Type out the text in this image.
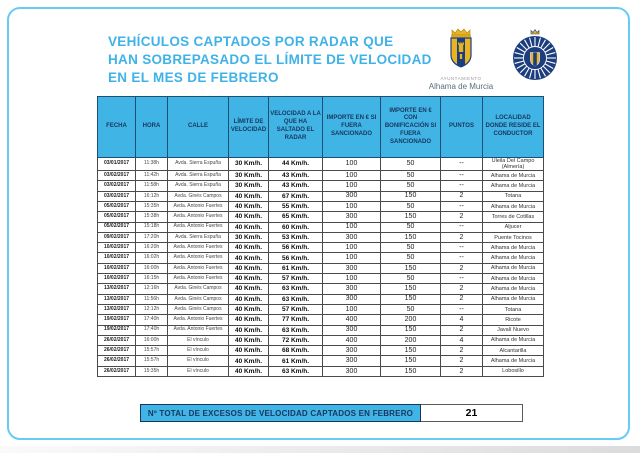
VEHÍCULOS CAPTADOS POR RADAR QUE
HAN SOBREPASADO EL LÍMITE DE VELOCIDAD
EN EL MES DE FEBRERO	AYUNTAMIENTO
Alhama de Murcia
FECHA	HORA	CALLE	LÍMITE DE VELOCIDAD	VELOCIDAD A LA QUE HA SALTADO EL RADAR	IMPORTE EN € SI FUERA SANCIONADO	IMPORTE EN € CON BONIFICACIÓN SI FUERA SANCIONADO	PUNTOS	LOCALIDAD DONDE RESIDE EL CONDUCTOR
03/01/2017	11:38h	Avda. Sierra Espuña	30 Km/h.	44 Km/h.	100	50	--	Uleila Del Campo (Almería)
03/02/2017	11:42h	Avda. Sierra Espuña	30 Km/h.	43 Km/h.	100	50	--	Alhama de Murcia
03/02/2017	11:58h	Avda. Sierra Espuña	30 Km/h.	43 Km/h.	100	50	--	Alhama de Murcia
03/02/2017	16:12h	Avda. Ginés Campos	40 Km/h.	67 Km/h.	300	150	2	Totana
05/02/2017	15:35h	Avda. Antonio Fuertes	40 Km/h.	55 Km/h.	100	50	--	Alhama de Murcia
05/02/2017	15:38h	Avda. Antonio Fuertes	40 Km/h.	65 Km/h.	300	150	2	Torres de Cotillas
05/02/2017	15:18h	Avda. Antonio Fuertes	40 Km/h.	60 Km/h.	100	50	--	Aljucer
09/02/2017	17:20h	Avda. Sierra Espuña	30 Km/h.	53 Km/h.	300	150	2	Puente Tocinos
10/02/2017	16:20h	Avda. Antonio Fuertes	40 Km/h.	56 Km/h.	100	50	--	Alhama de Murcia
10/02/2017	16:02h	Avda. Antonio Fuertes	40 Km/h.	56 Km/h.	100	50	--	Alhama de Murcia
10/02/2017	16:00h	Avda. Antonio Fuertes	40 Km/h.	61 Km/h.	300	150	2	Alhama de Murcia
10/02/2017	16:15h	Avda. Antonio Fuertes	40 Km/h.	57 Km/h.	100	50	--	Alhama de Murcia
13/02/2017	12:16h	Avda. Ginés Campos	40 Km/h.	63 Km/h.	300	150	2	Alhama de Murcia
13/02/2017	11:56h	Avda. Ginés Campos	40 Km/h.	63 Km/h.	300	150	2	Alhama de Murcia
13/02/2017	12:12h	Avda. Ginés Campos	40 Km/h.	57 Km/h.	100	50	--	Totana
19/02/2017	17:40h	Avda. Antonio Fuertes	40 Km/h.	77 Km/h.	400	200	4	Ricote
19/02/2017	17:40h	Avda. Antonio Fuertes	40 Km/h.	63 Km/h.	300	150	2	Javalí Nuevo
26/02/2017	16:00h	El vínculo	40 Km/h.	72 Km/h.	400	200	4	Alhama de Murcia
26/02/2017	15:57h	El vínculo	40 Km/h.	68 Km/h.	300	150	2	Alcantarilla
26/02/2017	15:57h	El vínculo	40 Km/h.	61 Km/h.	300	150	2	Alhama de Murcia
26/02/2017	15:35h	El vínculo	40 Km/h.	63 Km/h.	300	150	2	Lobosillo
Nº TOTAL DE EXCESOS DE VELOCIDAD CAPTADOS EN FEBRERO	21
